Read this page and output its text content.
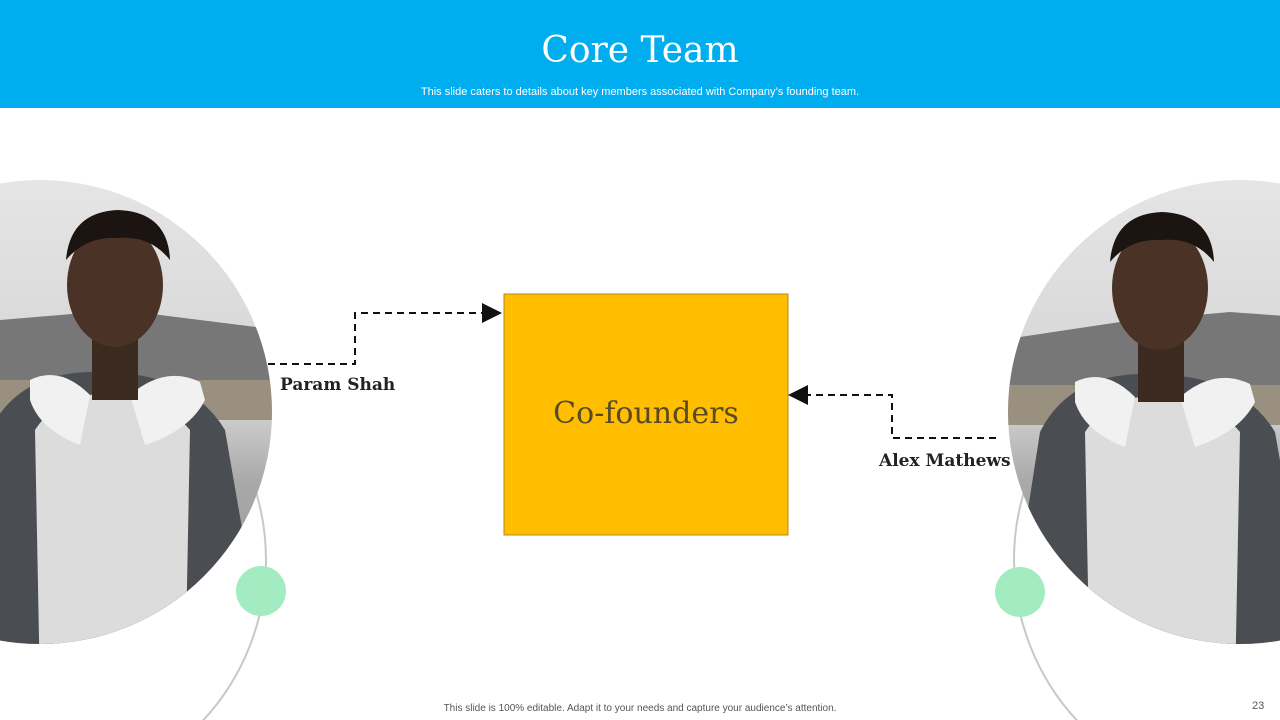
Core Team
This slide caters to details about key members associated with Company’s founding team.
Co-founders
Param Shah
Alex Mathews
This slide is 100% editable. Adapt it to your needs and capture your audience’s attention.	23
